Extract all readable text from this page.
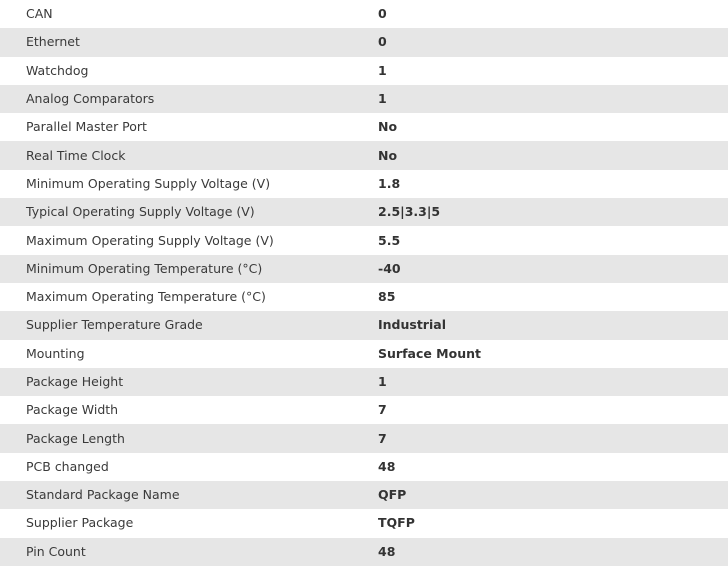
CAN	0
Ethernet	0
Watchdog	1
Analog Comparators	1
Parallel Master Port	No
Real Time Clock	No
Minimum Operating Supply Voltage (V)	1.8
Typical Operating Supply Voltage (V)	2.5|3.3|5
Maximum Operating Supply Voltage (V)	5.5
Minimum Operating Temperature (°C)	-40
Maximum Operating Temperature (°C)	85
Supplier Temperature Grade	Industrial
Mounting	Surface Mount
Package Height	1
Package Width	7
Package Length	7
PCB changed	48
Standard Package Name	QFP
Supplier Package	TQFP
Pin Count	48
